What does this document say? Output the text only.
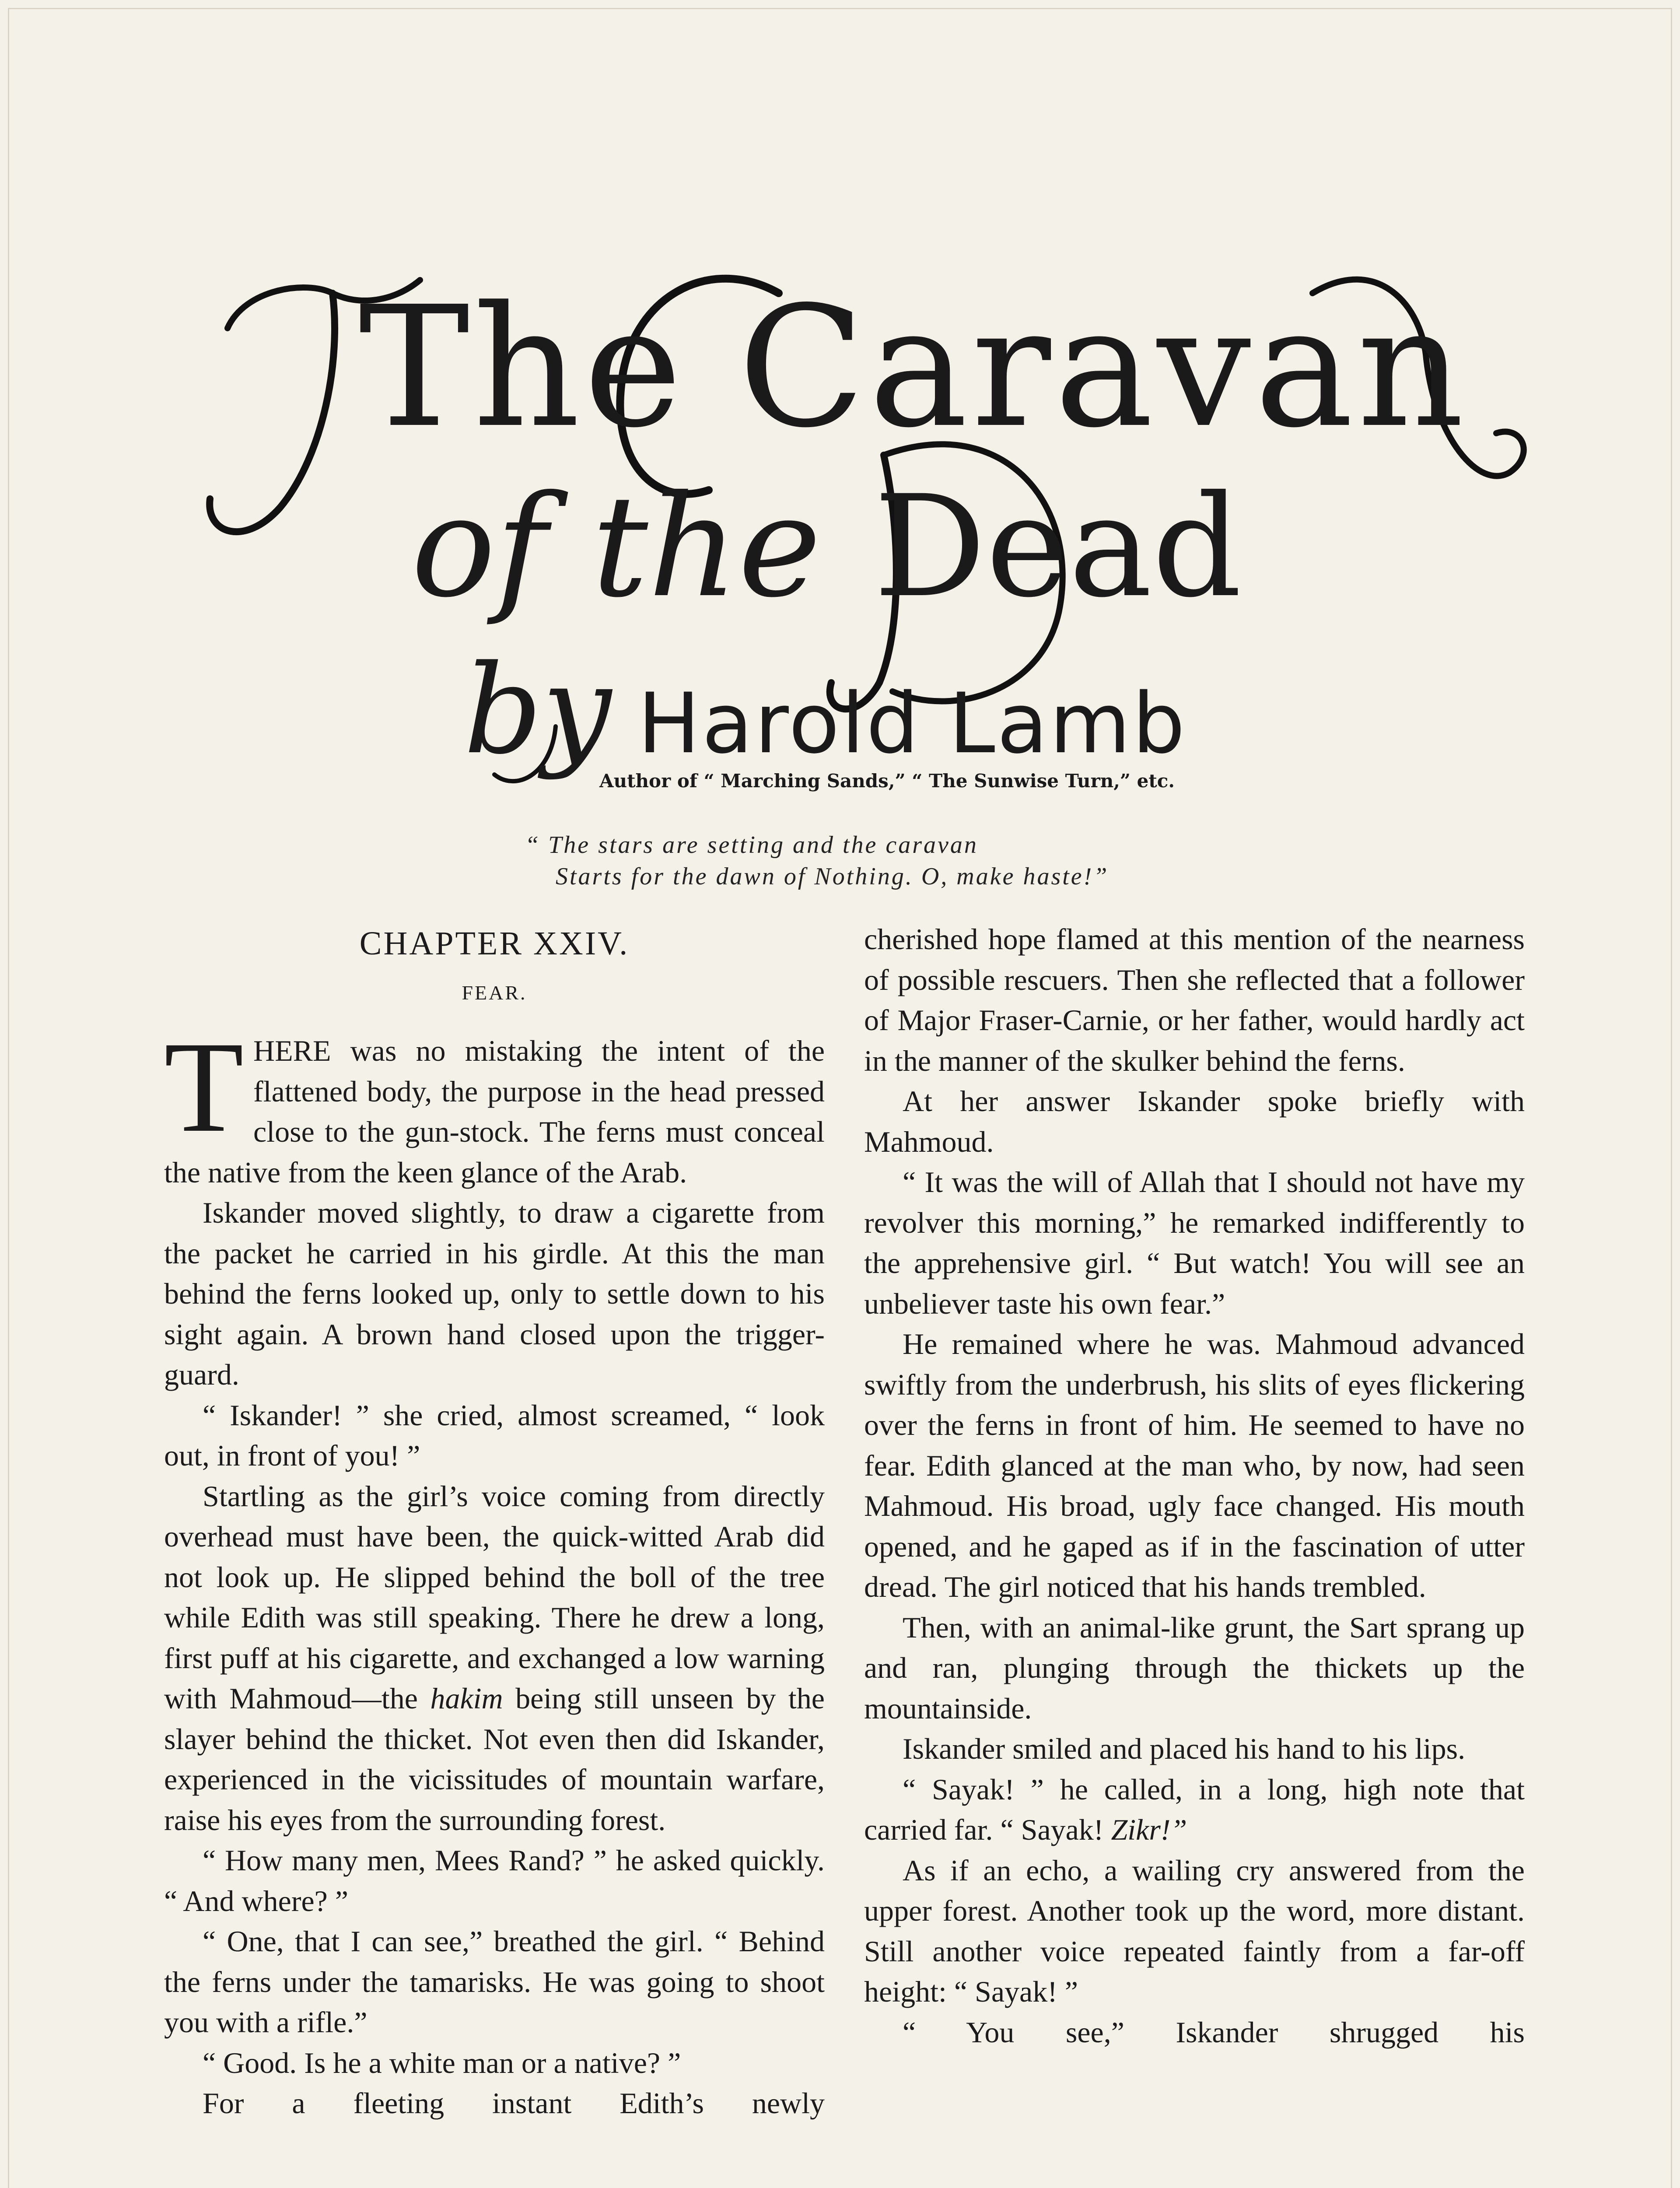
The Caravan
of the Dead
by Harold Lamb
Author of “ Marching Sands,” “ The Sunwise Turn,” etc.
“ The stars are setting and the caravan
Starts for the dawn of Nothing. O, make haste!”
CHAPTER XXIV.
FEAR.

THERE was no mistaking the intent of the flattened body, the purpose in the head pressed close to the gun-stock. The ferns must conceal the native from the keen glance of the Arab.

Iskander moved slightly, to draw a cigarette from the packet he carried in his girdle. At this the man behind the ferns looked up, only to settle down to his sight again. A brown hand closed upon the trigger-guard.

“ Iskander! ” she cried, almost screamed, “ look out, in front of you! ”

Startling as the girl’s voice coming from directly overhead must have been, the quick-witted Arab did not look up. He slipped behind the boll of the tree while Edith was still speaking. There he drew a long, first puff at his cigarette, and exchanged a low warning with Mahmoud—the hakim being still unseen by the slayer behind the thicket. Not even then did Iskander, experienced in the vicissitudes of mountain warfare, raise his eyes from the surrounding forest.

“ How many men, Mees Rand? ” he asked quickly. “ And where? ”

“ One, that I can see,” breathed the girl. “ Behind the ferns under the tamarisks. He was going to shoot you with a rifle.”

“ Good. Is he a white man or a native? ”

For a fleeting instant Edith’s newly

cherished hope flamed at this mention of the nearness of possible rescuers. Then she reflected that a follower of Major Fraser-Carnie, or her father, would hardly act in the manner of the skulker behind the ferns.

At her answer Iskander spoke briefly with Mahmoud.

“ It was the will of Allah that I should not have my revolver this morning,” he remarked indifferently to the apprehensive girl. “ But watch! You will see an unbeliever taste his own fear.”

He remained where he was. Mahmoud advanced swiftly from the underbrush, his slits of eyes flickering over the ferns in front of him. He seemed to have no fear. Edith glanced at the man who, by now, had seen Mahmoud. His broad, ugly face changed. His mouth opened, and he gaped as if in the fascination of utter dread. The girl noticed that his hands trembled.

Then, with an animal-like grunt, the Sart sprang up and ran, plunging through the thickets up the mountainside.

Iskander smiled and placed his hand to his lips.

“ Sayak! ” he called, in a long, high note that carried far. “ Sayak! Zikr!”

As if an echo, a wailing cry answered from the upper forest. Another took up the word, more distant. Still another voice repeated faintly from a far-off height: “ Sayak! ”

“ You see,” Iskander shrugged his
